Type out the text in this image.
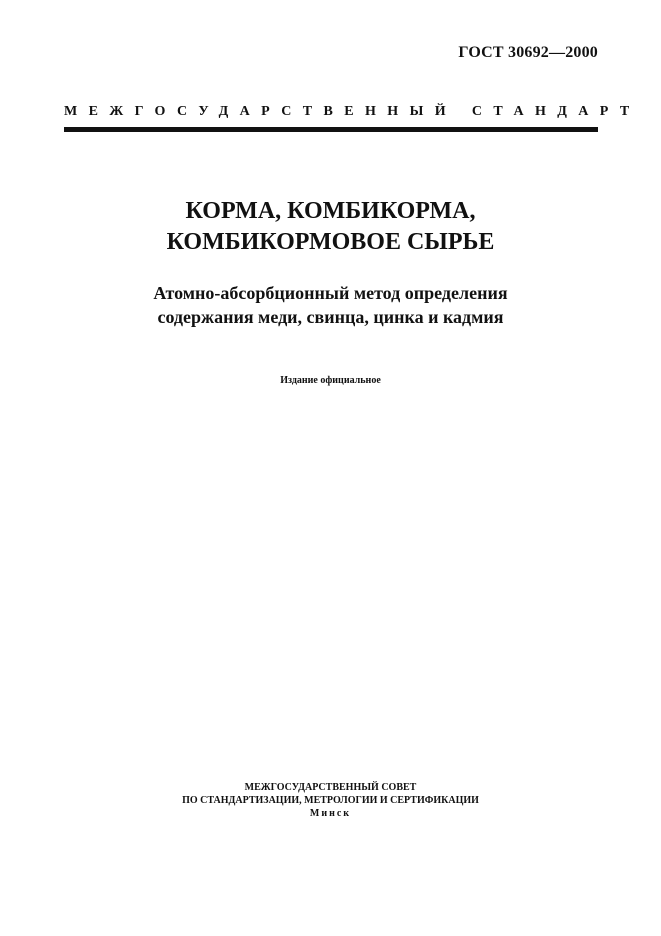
ГОСТ 30692—2000
МЕЖГОСУДАРСТВЕННЫЙ СТАНДАРТ
КОРМА, КОМБИКОРМА,
КОМБИКОРМОВОЕ СЫРЬЕ
Атомно-абсорбционный метод определения
содержания меди, свинца, цинка и кадмия
Издание официальное
МЕЖГОСУДАРСТВЕННЫЙ СОВЕТ
ПО СТАНДАРТИЗАЦИИ, МЕТРОЛОГИИ И СЕРТИФИКАЦИИ
Минск
